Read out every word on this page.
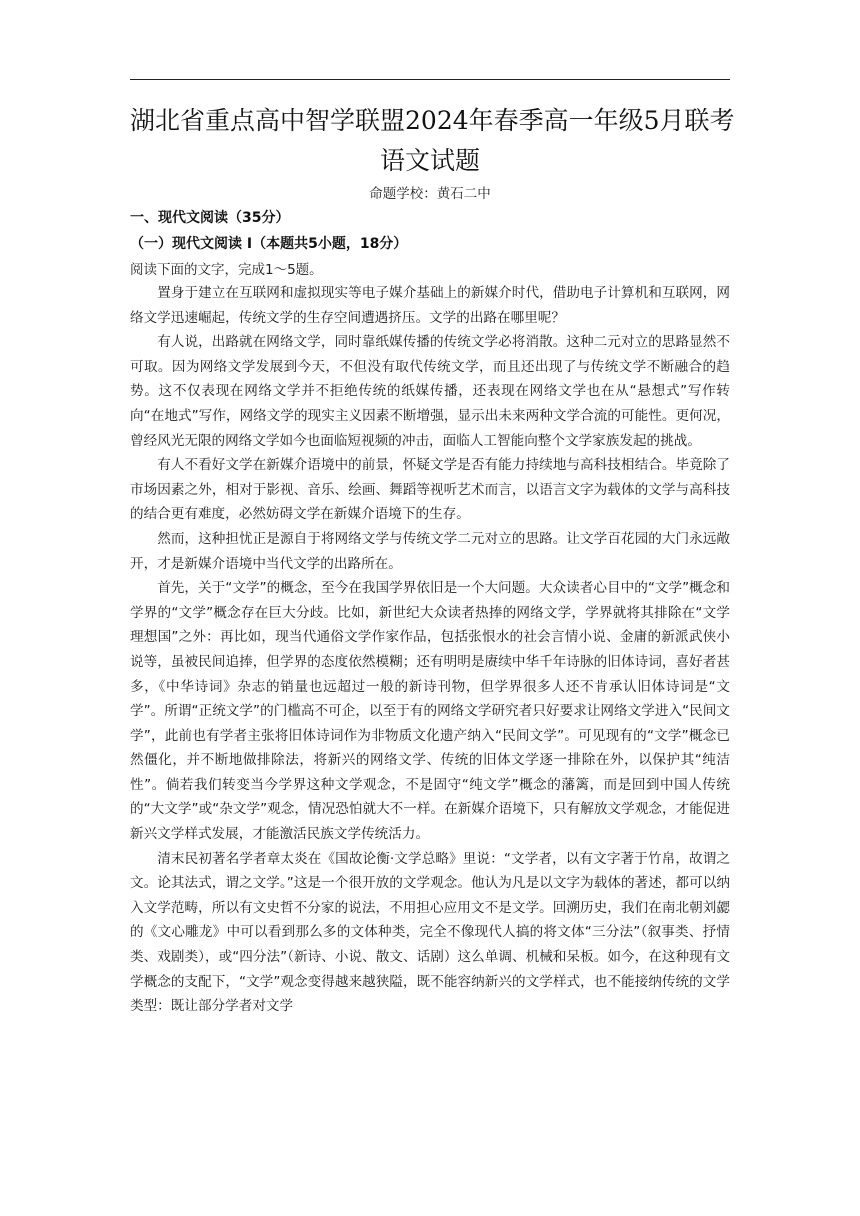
湖北省重点高中智学联盟2024年春季高一年级5月联考
语文试题
命题学校：黄石二中
一、现代文阅读（35分）
（一）现代文阅读 I（本题共5小题，18分）
阅读下面的文字，完成1～5题。

置身于建立在互联网和虚拟现实等电子媒介基础上的新媒介时代，借助电子计算机和互联网，网络文学迅速崛起，传统文学的生存空间遭遇挤压。文学的出路在哪里呢？

有人说，出路就在网络文学，同时靠纸媒传播的传统文学必将消散。这种二元对立的思路显然不可取。因为网络文学发展到今天，不但没有取代传统文学，而且还出现了与传统文学不断融合的趋势。这不仅表现在网络文学并不拒绝传统的纸媒传播，还表现在网络文学也在从“悬想式”写作转向“在地式”写作，网络文学的现实主义因素不断增强，显示出未来两种文学合流的可能性。更何况，曾经风光无限的网络文学如今也面临短视频的冲击，面临人工智能向整个文学家族发起的挑战。

有人不看好文学在新媒介语境中的前景，怀疑文学是否有能力持续地与高科技相结合。毕竟除了市场因素之外，相对于影视、音乐、绘画、舞蹈等视听艺术而言，以语言文字为载体的文学与高科技的结合更有难度，必然妨碍文学在新媒介语境下的生存。

然而，这种担忧正是源自于将网络文学与传统文学二元对立的思路。让文学百花园的大门永远敞开，才是新媒介语境中当代文学的出路所在。

首先，关于“文学”的概念，至今在我国学界依旧是一个大问题。大众读者心目中的“文学”概念和学界的“文学”概念存在巨大分歧。比如，新世纪大众读者热捧的网络文学，学界就将其排除在“文学理想国”之外：再比如，现当代通俗文学作家作品，包括张恨水的社会言情小说、金庸的新派武侠小说等，虽被民间追捧，但学界的态度依然模糊；还有明明是赓续中华千年诗脉的旧体诗词，喜好者甚多，《中华诗词》杂志的销量也远超过一般的新诗刊物，但学界很多人还不肯承认旧体诗词是“文学”。所谓“正统文学”的门槛高不可企，以至于有的网络文学研究者只好要求让网络文学进入“民间文学”，此前也有学者主张将旧体诗词作为非物质文化遗产纳入“民间文学”。可见现有的“文学”概念已然僵化，并不断地做排除法，将新兴的网络文学、传统的旧体文学逐一排除在外，以保护其“纯洁性”。倘若我们转变当今学界这种文学观念，不是固守“纯文学”概念的藩篱，而是回到中国人传统的“大文学”或“杂文学”观念，情况恐怕就大不一样。在新媒介语境下，只有解放文学观念，才能促进新兴文学样式发展，才能激活民族文学传统活力。

清末民初著名学者章太炎在《国故论衡·文学总略》里说：“文学者，以有文字著于竹帛，故谓之文。论其法式，谓之文学。”这是一个很开放的文学观念。他认为凡是以文字为载体的著述，都可以纳入文学范畴，所以有文史哲不分家的说法，不用担心应用文不是文学。回溯历史，我们在南北朝刘勰的《文心雕龙》中可以看到那么多的文体种类，完全不像现代人搞的将文体“三分法”（叙事类、抒情类、戏剧类），或“四分法”（新诗、小说、散文、话剧）这么单调、机械和呆板。如今，在这种现有文学概念的支配下，“文学”观念变得越来越狭隘，既不能容纳新兴的文学样式，也不能接纳传统的文学类型：既让部分学者对文学
